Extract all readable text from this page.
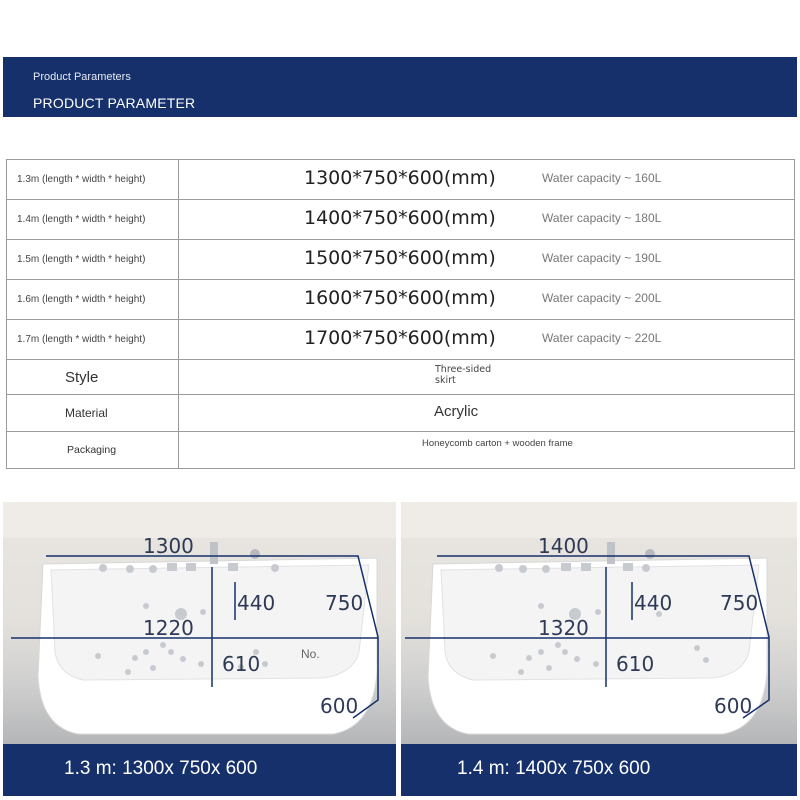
Product Parameters
PRODUCT PARAMETER
1.3m (length * width * height)	1300*750*600(mm) Water capacity ~ 160L

1.4m (length * width * height)	1400*750*600(mm) Water capacity ~ 180L

1.5m (length * width * height)	1500*750*600(mm) Water capacity ~ 190L

1.6m (length * width * height)	1600*750*600(mm) Water capacity ~ 200L

1.7m (length * width * height)	1700*750*600(mm) Water capacity ~ 220L

Style	Three-sided skirt

Material	Acrylic

Packaging	Honeycomb carton + wooden frame
1300
440 750
1220
610	No.
600
1.3 m: 1300x 750x 600
1400
440 750
1320
610
600
1.4 m: 1400x 750x 600
